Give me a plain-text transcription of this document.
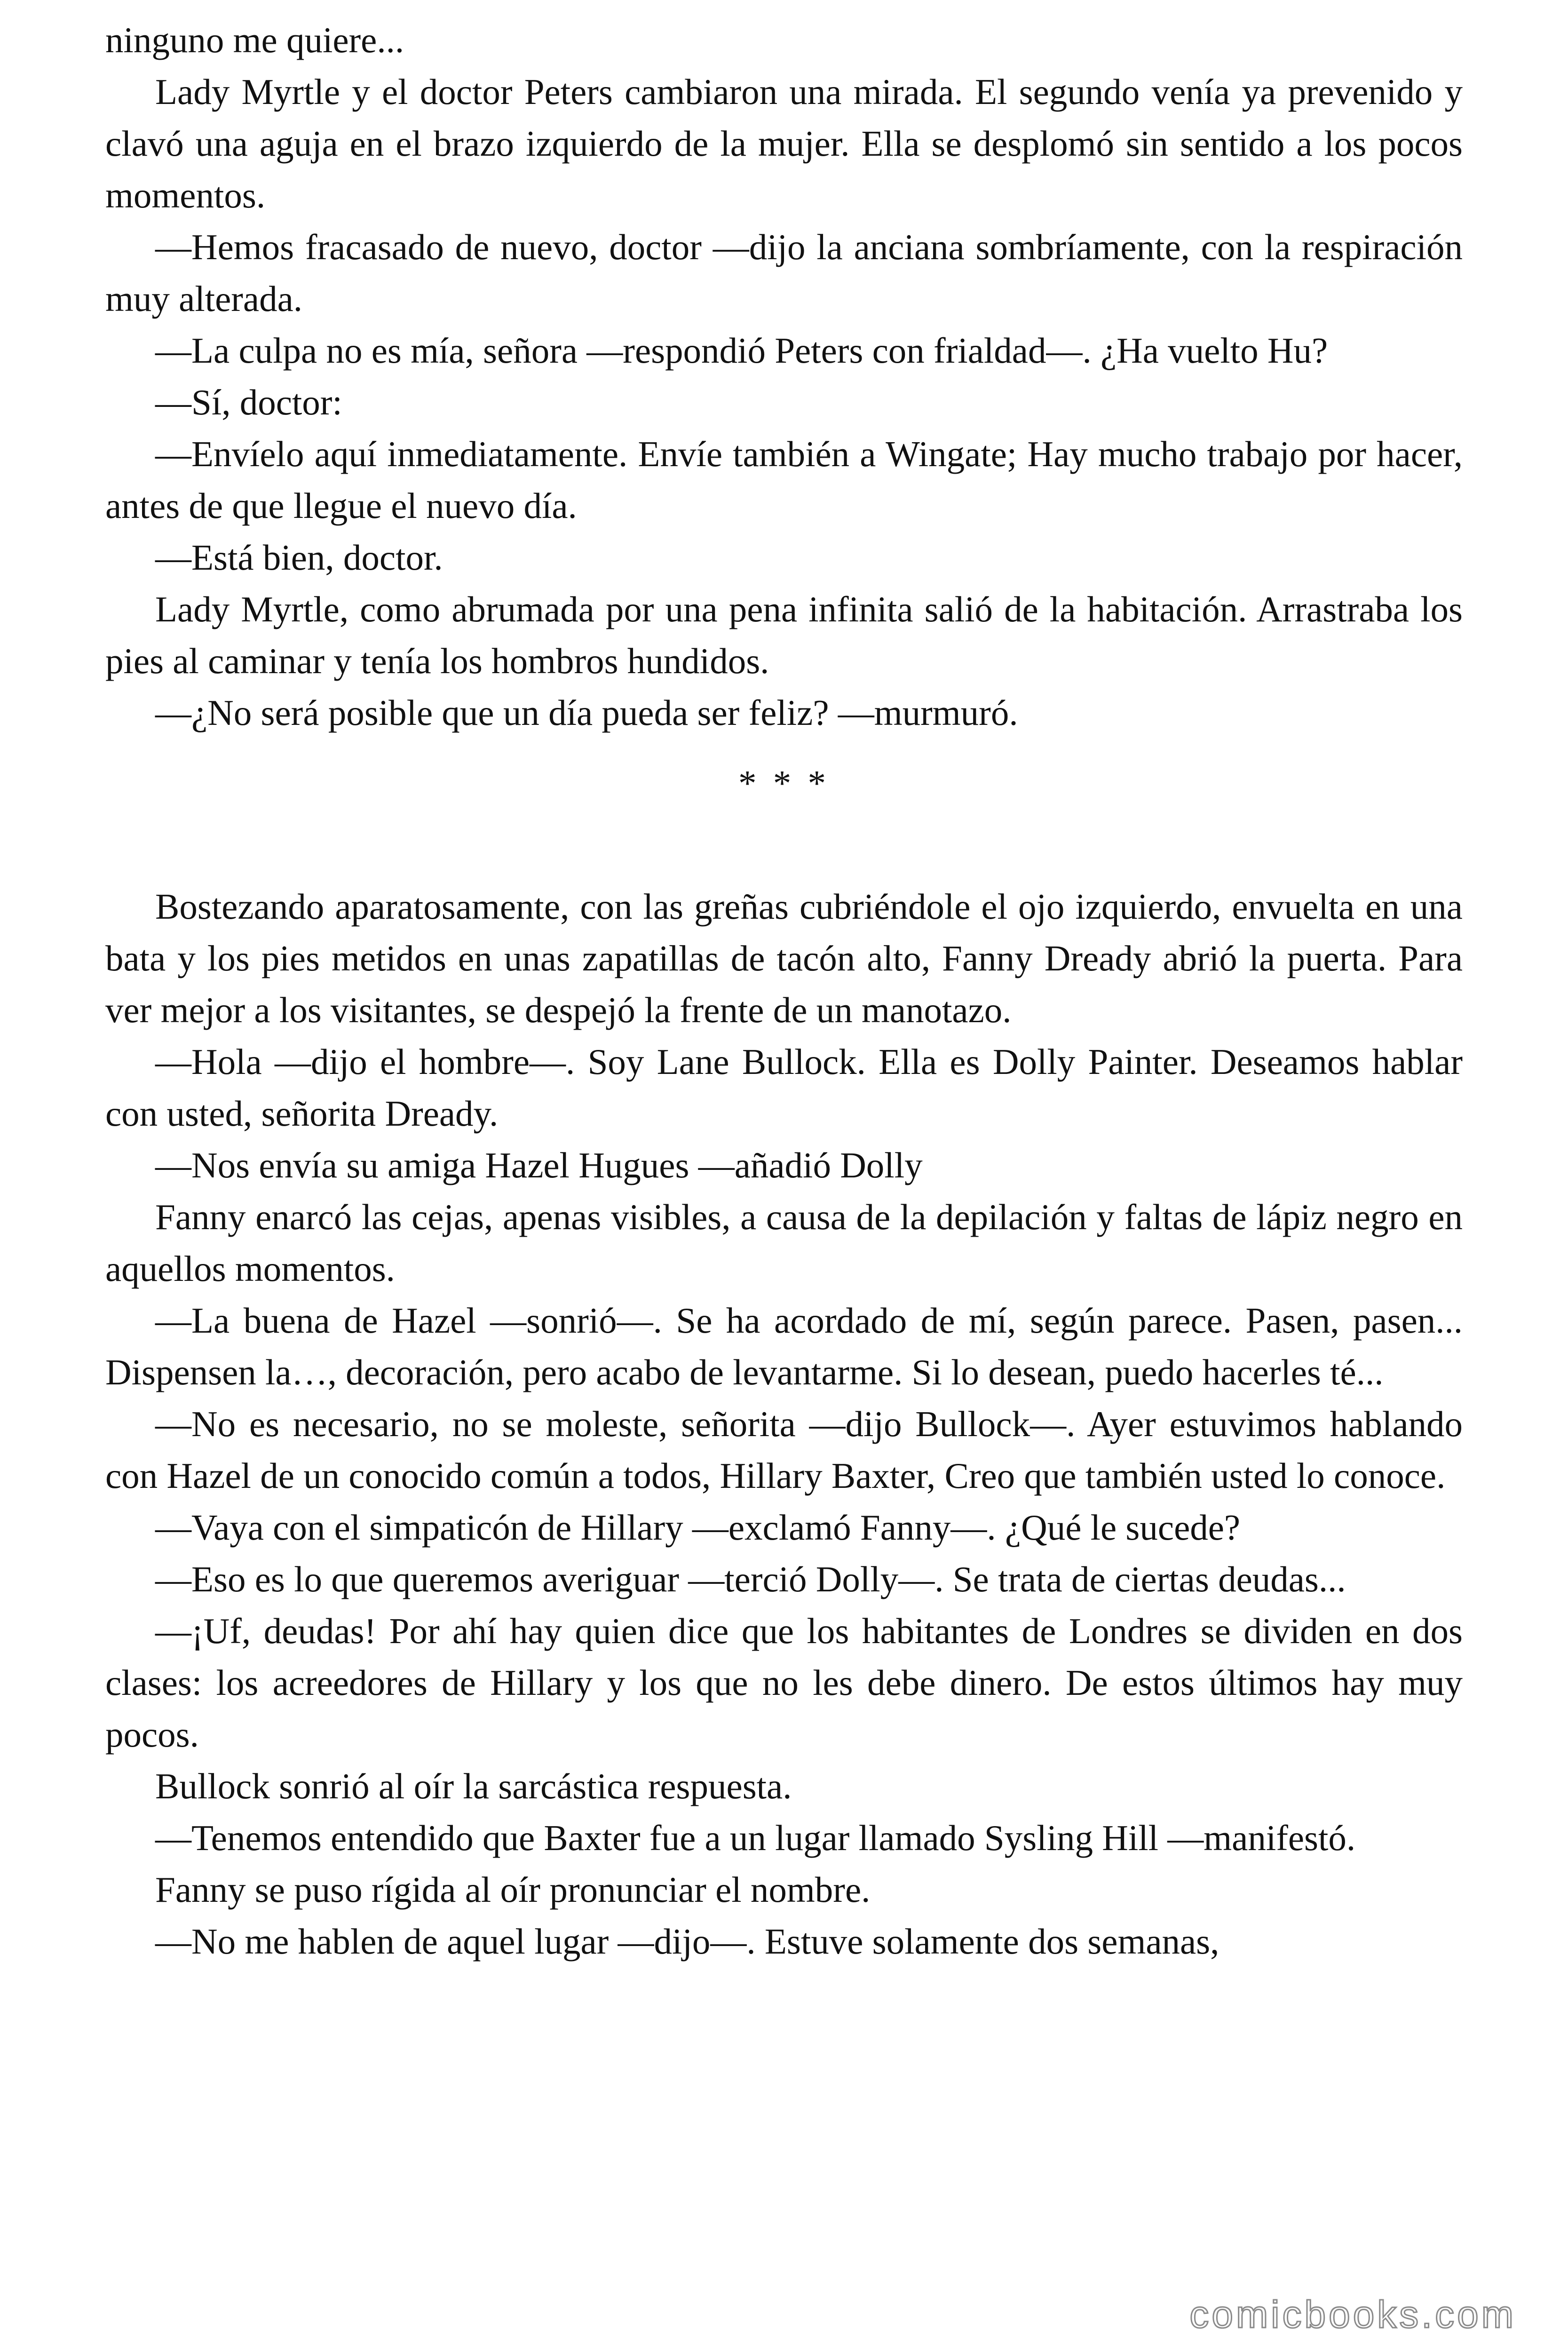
ninguno me quiere...

Lady Myrtle y el doctor Peters cambiaron una mirada. El segundo venía ya prevenido y clavó una aguja en el brazo izquierdo de la mujer. Ella se desplomó sin sentido a los pocos momentos.

—Hemos fracasado de nuevo, doctor —dijo la anciana sombríamente, con la respiración muy alterada.

—La culpa no es mía, señora —respondió Peters con frialdad—. ¿Ha vuelto Hu?

—Sí, doctor:

—Envíelo aquí inmediatamente. Envíe también a Wingate; Hay mucho trabajo por hacer, antes de que llegue el nuevo día.

—Está bien, doctor.

Lady Myrtle, como abrumada por una pena infinita salió de la habitación. Arrastraba los pies al caminar y tenía los hombros hundidos.

—¿No será posible que un día pueda ser feliz? —murmuró.

* * *

Bostezando aparatosamente, con las greñas cubriéndole el ojo izquierdo, envuelta en una bata y los pies metidos en unas zapatillas de tacón alto, Fanny Dready abrió la puerta. Para ver mejor a los visitantes, se despejó la frente de un manotazo.

—Hola —dijo el hombre—. Soy Lane Bullock. Ella es Dolly Painter. Deseamos hablar con usted, señorita Dready.

—Nos envía su amiga Hazel Hugues —añadió Dolly

Fanny enarcó las cejas, apenas visibles, a causa de la depilación y faltas de lápiz negro en aquellos momentos.

—La buena de Hazel —sonrió—. Se ha acordado de mí, según parece. Pasen, pasen... Dispensen la…, decoración, pero acabo de levantarme. Si lo desean, puedo hacerles té...

—No es necesario, no se moleste, señorita —dijo Bullock—. Ayer estuvimos hablando con Hazel de un conocido común a todos, Hillary Baxter, Creo que también usted lo conoce.

—Vaya con el simpaticón de Hillary —exclamó Fanny—. ¿Qué le sucede?

—Eso es lo que queremos averiguar —terció Dolly—. Se trata de ciertas deudas...

—¡Uf, deudas! Por ahí hay quien dice que los habitantes de Londres se dividen en dos clases: los acreedores de Hillary y los que no les debe dinero. De estos últimos hay muy pocos.

Bullock sonrió al oír la sarcástica respuesta.

—Tenemos entendido que Baxter fue a un lugar llamado Sysling Hill —manifestó.

Fanny se puso rígida al oír pronunciar el nombre.

—No me hablen de aquel lugar —dijo—. Estuve solamente dos semanas,

comicbooks.com
